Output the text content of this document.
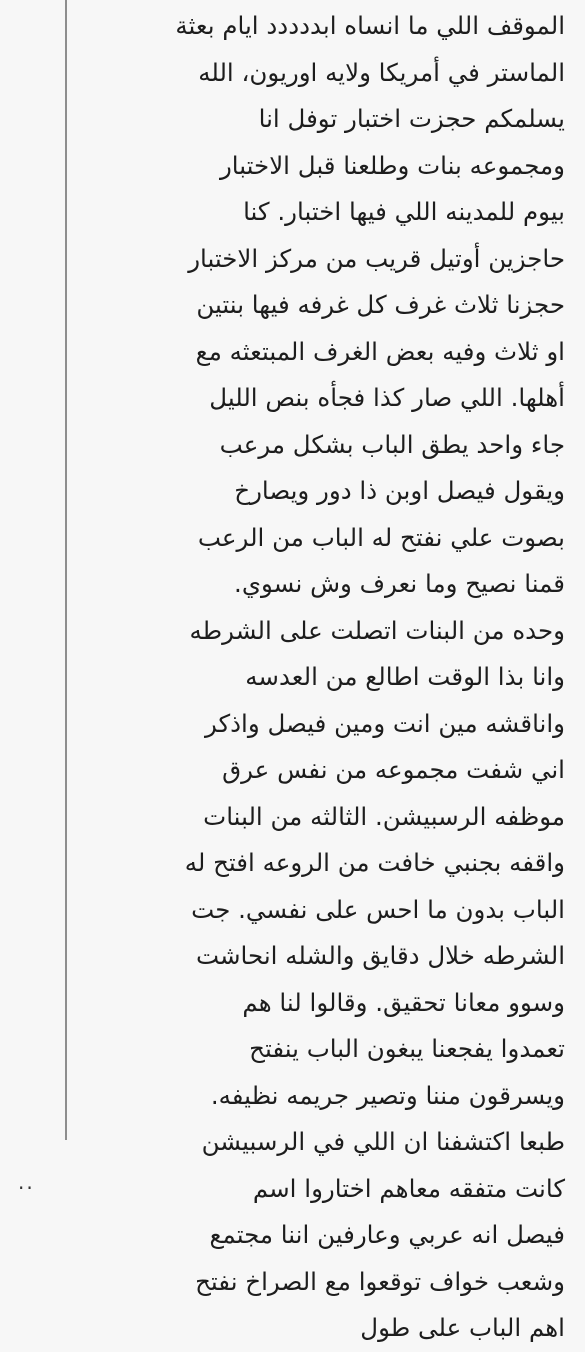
الموقف اللي ما انساه ابددددد ايام بعثة
الماستر في أمريكا ولايه اوريون، الله
يسلمكم حجزت اختبار توفل انا
ومجموعه بنات وطلعنا قبل الاختبار
بيوم للمدينه اللي فيها اختبار. كنا
حاجزين أوتيل قريب من مركز الاختبار
حجزنا ثلاث غرف كل غرفه فيها بنتين
او ثلاث وفيه بعض الغرف المبتعثه مع
أهلها. اللي صار كذا فجأه بنص الليل
جاء واحد يطق الباب بشكل مرعب
ويقول فيصل اوبن ذا دور ويصارخ
بصوت علي نفتح له الباب من الرعب
قمنا نصيح وما نعرف وش نسوي.
وحده من البنات اتصلت على الشرطه
وانا بذا الوقت اطالع من العدسه
واناقشه مين انت ومين فيصل واذكر
اني شفت مجموعه من نفس عرق
موظفه الرسبيشن. الثالثه من البنات
واقفه بجنبي خافت من الروعه افتح له
الباب بدون ما احس على نفسي. جت
الشرطه خلال دقايق والشله انحاشت
وسوو معانا تحقيق. وقالوا لنا هم
تعمدوا يفجعنا يبغون الباب ينفتح
ويسرقون مننا وتصير جريمه نظيفه.
طبعا اكتشفنا ان اللي في الرسبيشن
كانت متفقه معاهم اختاروا اسم
فيصل انه عربي وعارفين اننا مجتمع
وشعب خواف توقعوا مع الصراخ نفتح
اهم الباب على طول
..
